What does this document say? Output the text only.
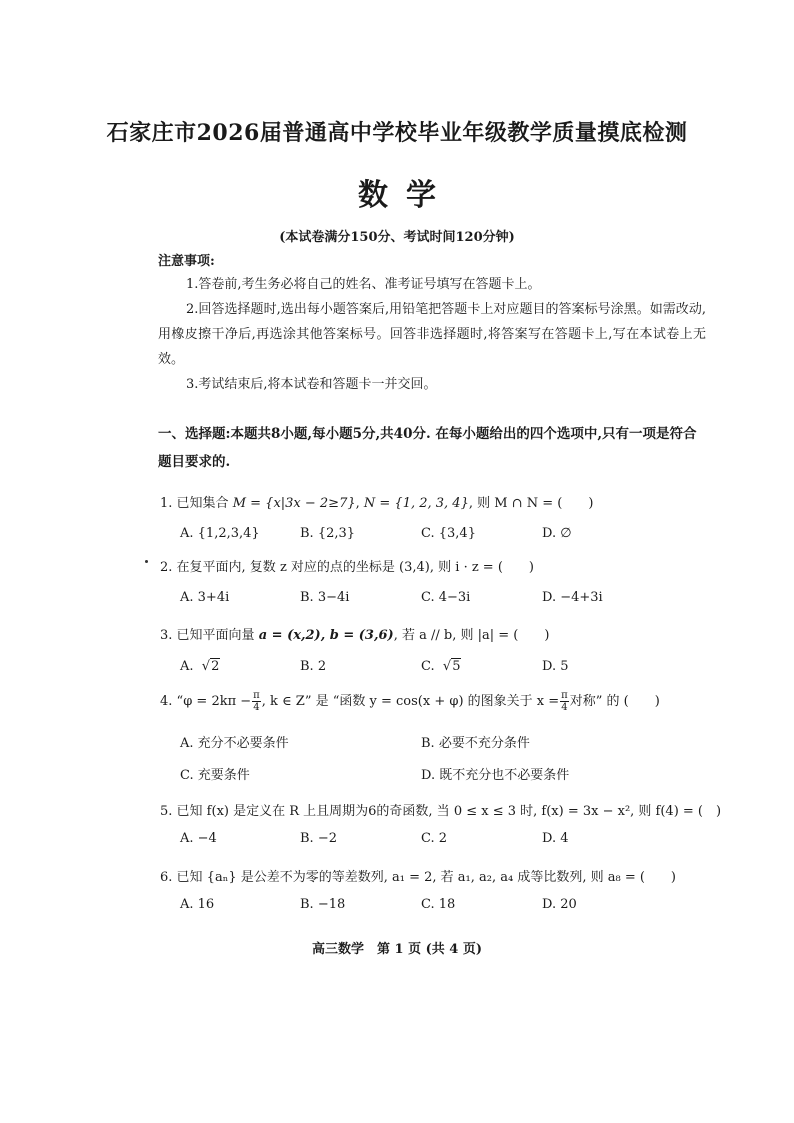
石家庄市2026届普通高中学校毕业年级教学质量摸底检测
数学
(本试卷满分150分、考试时间120分钟)
注意事项:
1.答卷前,考生务必将自己的姓名、准考证号填写在答题卡上。
2.回答选择题时,选出每小题答案后,用铅笔把答题卡上对应题目的答案标号涂黑。如需改动,用橡皮擦干净后,再选涂其他答案标号。回答非选择题时,将答案写在答题卡上,写在本试卷上无效。
3.考试结束后,将本试卷和答题卡一并交回。
一、选择题:本题共8小题,每小题5分,共40分. 在每小题给出的四个选项中,只有一项是符合题目要求的.
1. 已知集合 M = {x|3x − 2≥7}, N = {1, 2, 3, 4}, 则 M ∩ N = (　　)
A. {1,2,3,4}	B. {2,3}	C. {3,4}	D. ∅
2. 在复平面内, 复数 z 对应的点的坐标是 (3,4), 则 i · z = (　　)
A. 3+4i	B. 3−4i	C. 4−3i	D. −4+3i
3. 已知平面向量 a = (x,2), b = (3,6), 若 a // b, 则 |a| = (　　)
A. √2	B. 2	C. √5	D. 5
4. “$\varphi = 2k\pi - \frac{\pi}{4}$ , k ∈ Z” 是 “函数 y = cos(x + φ) 的图象关于 $x = \frac{\pi}{4}$ 对称” 的 (　　)
A. 充分不必要条件	B. 必要不充分条件
C. 充要条件	D. 既不充分也不必要条件
5. 已知 f(x) 是定义在 R 上且周期为6的奇函数, 当 0 ≤ x ≤ 3 时, f(x) = 3x − x², 则 f(4) = (　)
A. −4	B. −2	C. 2	D. 4
6. 已知 {aₙ} 是公差不为零的等差数列, a₁ = 2, 若 a₁, a₂, a₄ 成等比数列, 则 a₈ = (　　)
A. 16	B. −18	C. 18	D. 20
高三数学　第 1 页 (共 4 页)
